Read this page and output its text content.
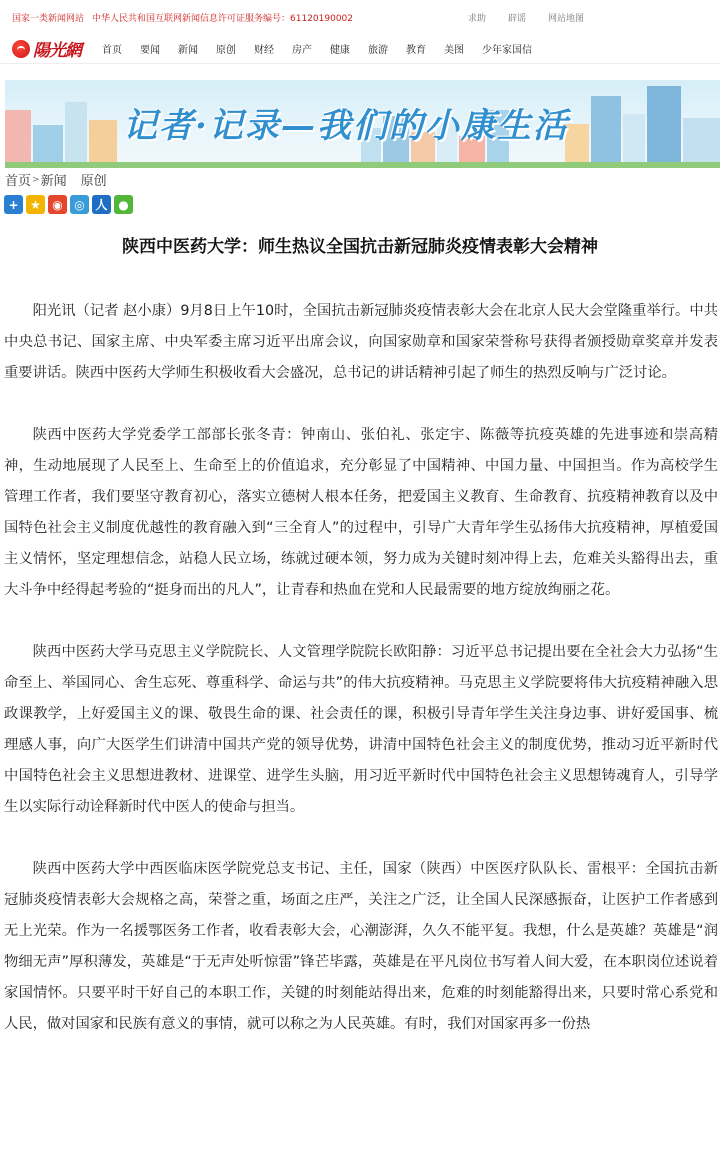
国家一类新闻网站 中华人民共和国互联网新闻信息许可证服务编号：61120190002	求助 辟谣 网站地图
陽光網	首页	要闻	新闻	原创	财经	房产	健康	旅游	教育	美图	少年家国信
记者·记录—我们的小康生活
首页 > 新闻 原创
+ ★ ◉ ◎ 人 ●
陕西中医药大学：师生热议全国抗击新冠肺炎疫情表彰大会精神

阳光讯（记者 赵小康）9月8日上午10时，全国抗击新冠肺炎疫情表彰大会在北京人民大会堂隆重举行。中共中央总书记、国家主席、中央军委主席习近平出席会议，向国家勋章和国家荣誉称号获得者颁授勋章奖章并发表重要讲话。陕西中医药大学师生积极收看大会盛况，总书记的讲话精神引起了师生的热烈反响与广泛讨论。

陕西中医药大学党委学工部部长张冬青：钟南山、张伯礼、张定宇、陈薇等抗疫英雄的先进事迹和崇高精神，生动地展现了人民至上、生命至上的价值追求，充分彰显了中国精神、中国力量、中国担当。作为高校学生管理工作者，我们要坚守教育初心，落实立德树人根本任务，把爱国主义教育、生命教育、抗疫精神教育以及中国特色社会主义制度优越性的教育融入到“三全育人”的过程中，引导广大青年学生弘扬伟大抗疫精神，厚植爱国主义情怀，坚定理想信念，站稳人民立场，练就过硬本领，努力成为关键时刻冲得上去，危难关头豁得出去，重大斗争中经得起考验的“挺身而出的凡人”，让青春和热血在党和人民最需要的地方绽放绚丽之花。

陕西中医药大学马克思主义学院院长、人文管理学院院长欧阳静：习近平总书记提出要在全社会大力弘扬“生命至上、举国同心、舍生忘死、尊重科学、命运与共”的伟大抗疫精神。马克思主义学院要将伟大抗疫精神融入思政课教学，上好爱国主义的课、敬畏生命的课、社会责任的课，积极引导青年学生关注身边事、讲好爱国事、梳理感人事，向广大医学生们讲清中国共产党的领导优势，讲清中国特色社会主义的制度优势，推动习近平新时代中国特色社会主义思想进教材、进课堂、进学生头脑，用习近平新时代中国特色社会主义思想铸魂育人，引导学生以实际行动诠释新时代中医人的使命与担当。

陕西中医药大学中西医临床医学院党总支书记、主任，国家（陕西）中医医疗队队长、雷根平：全国抗击新冠肺炎疫情表彰大会规格之高，荣誉之重，场面之庄严，关注之广泛，让全国人民深感振奋，让医护工作者感到无上光荣。作为一名援鄂医务工作者，收看表彰大会，心潮澎湃，久久不能平复。我想，什么是英雄？英雄是“润物细无声”厚积薄发，英雄是“于无声处听惊雷”锋芒毕露，英雄是在平凡岗位书写着人间大爱，在本职岗位述说着家国情怀。只要平时干好自己的本职工作，关键的时刻能站得出来，危难的时刻能豁得出来，只要时常心系党和人民，做对国家和民族有意义的事情，就可以称之为人民英雄。有时，我们对国家再多一份热
